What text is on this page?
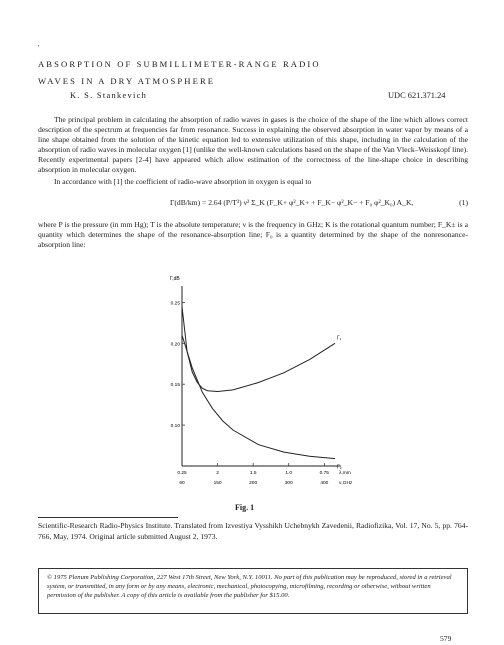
'
ABSORPTION OF SUBMILLIMETER-RANGE RADIO
WAVES IN A DRY ATMOSPHERE
K. S. Stankevich	UDC 621.371.24
The principal problem in calculating the absorption of radio waves in gases is the choice of the shape of the line which allows correct description of the spectrum at frequencies far from resonance. Success in explaining the observed absorption in water vapor by means of a line shape obtained from the solution of the kinetic equation led to extensive utilization of this shape, including in the calculation of the absorption of radio waves in molecular oxygen [1] (unlike the well-known calculations based on the shape of the Van Vleck–Weisskopf line). Recently experimental papers [2-4] have appeared which allow estimation of the correctness of the line-shape choice in describing absorption in molecular oxygen.
In accordance with [1] the coefficient of radio-wave absorption in oxygen is equal to
Γ(dB/km) = 2.64 (P/T³) ν² Σ_K (F_K+ φ²_K+ + F_K− φ²_K− + F₀ φ²_K₀) A_K,	(1)
where P is the pressure (in mm Hg); T is the absolute temperature; ν is the frequency in GHz; K is the rotational quantum number; F_K± is a quantity which determines the shape of the resonance-absorption line; F₀ is a quantity determined by the shape of the nonresonance-absorption line:
Γ,dB
0.25
0.20
0.15
0.10
0.25	2	1.5	1.0	0.75 λ,mm
60	150	200	300	400 ν,GHz
Γ₁
Γ₂
Fig. 1
Scientific-Research Radio-Physics Institute. Translated from Izvestiya Vysshikh Uchebnykh Zavedenii, Radiofizika, Vol. 17, No. 5, pp. 764-766, May, 1974. Original article submitted August 2, 1973.
© 1975 Plenum Publishing Corporation, 227 West 17th Street, New York, N.Y. 10011. No part of this publication may be reproduced, stored in a retrieval system, or transmitted, in any form or by any means, electronic, mechanical, photocopying, microfilming, recording or otherwise, without written permission of the publisher. A copy of this article is available from the publisher for $15.00.
579
